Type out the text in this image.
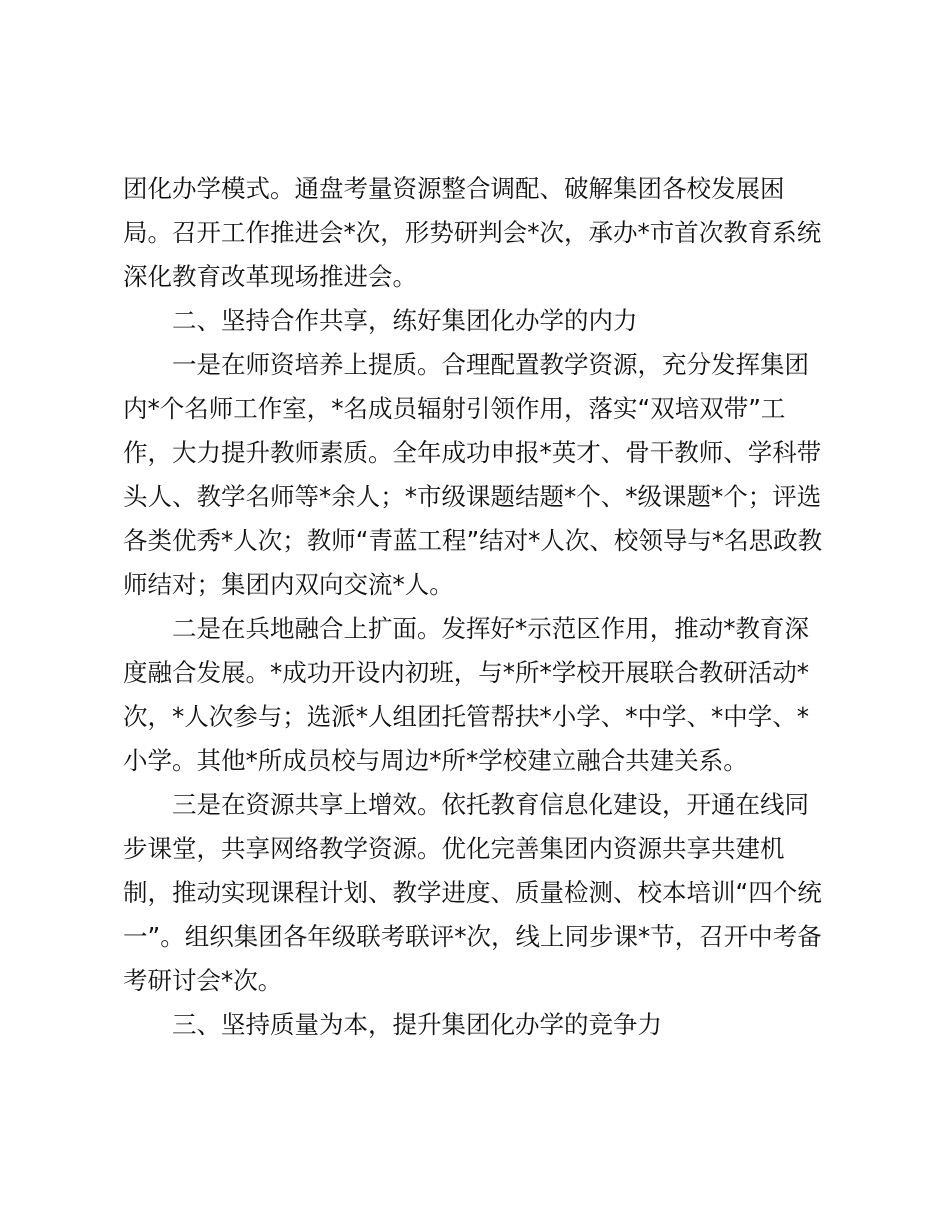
团化办学模式。通盘考量资源整合调配、破解集团各校发展困
局。召开工作推进会*次，形势研判会*次，承办*市首次教育系统
深化教育改革现场推进会。
二、坚持合作共享，练好集团化办学的内力
一是在师资培养上提质。合理配置教学资源，充分发挥集团
内*个名师工作室，*名成员辐射引领作用，落实“双培双带”工
作，大力提升教师素质。全年成功申报*英才、骨干教师、学科带
头人、教学名师等*余人；*市级课题结题*个、*级课题*个；评选
各类优秀*人次；教师“青蓝工程”结对*人次、校领导与*名思政教
师结对；集团内双向交流*人。
二是在兵地融合上扩面。发挥好*示范区作用，推动*教育深
度融合发展。*成功开设内初班，与*所*学校开展联合教研活动*
次，*人次参与；选派*人组团托管帮扶*小学、*中学、*中学、*
小学。其他*所成员校与周边*所*学校建立融合共建关系。
三是在资源共享上增效。依托教育信息化建设，开通在线同
步课堂，共享网络教学资源。优化完善集团内资源共享共建机
制，推动实现课程计划、教学进度、质量检测、校本培训“四个统
一”。组织集团各年级联考联评*次，线上同步课*节，召开中考备
考研讨会*次。
三、坚持质量为本，提升集团化办学的竞争力
